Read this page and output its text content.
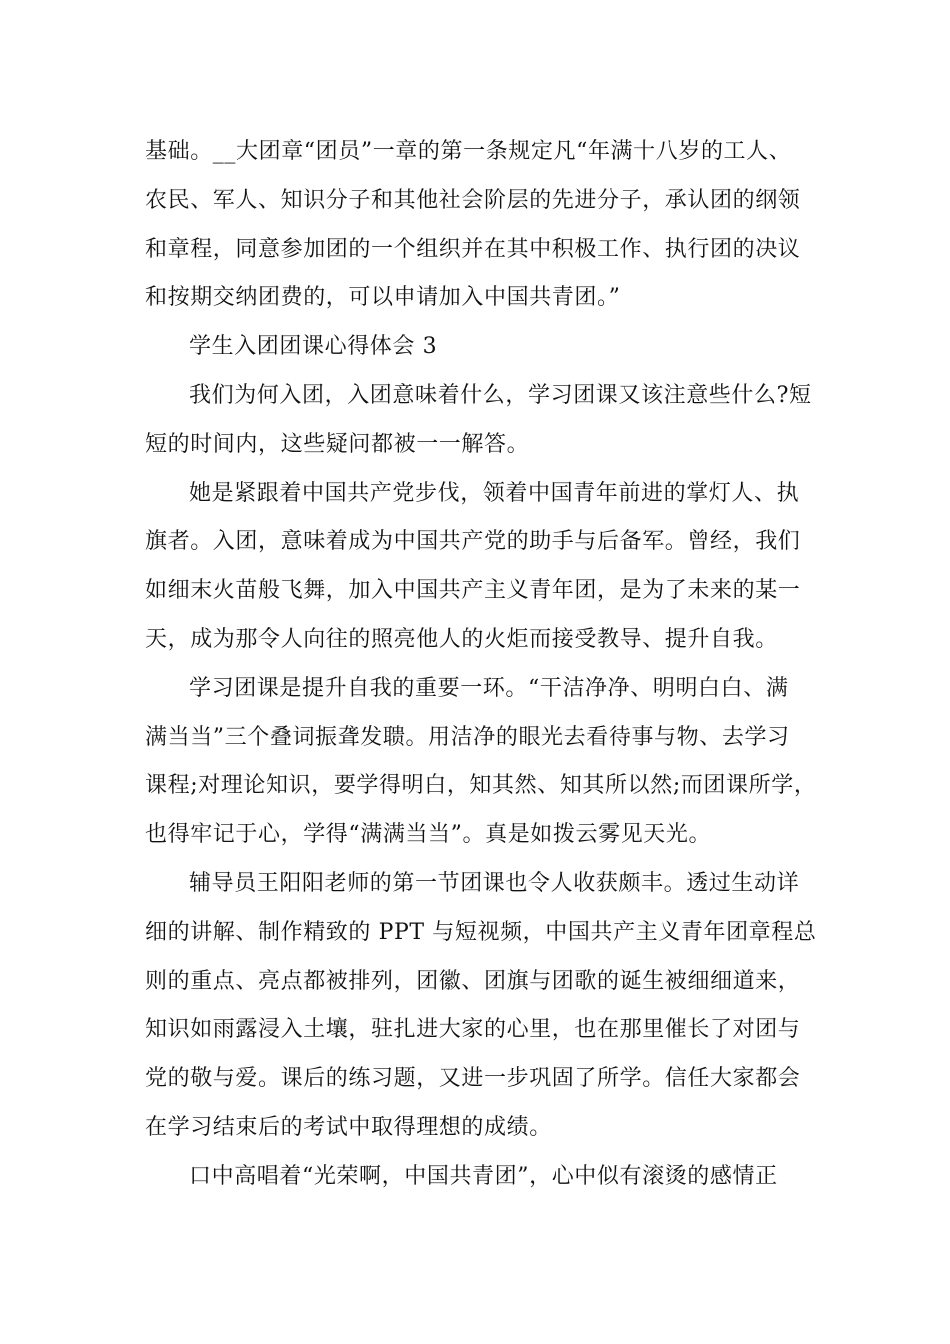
基础。__大团章“团员”一章的第一条规定凡“年满十八岁的工人、
农民、军人、知识分子和其他社会阶层的先进分子，承认团的纲领
和章程，同意参加团的一个组织并在其中积极工作、执行团的决议
和按期交纳团费的，可以申请加入中国共青团。”
学生入团团课心得体会 3
我们为何入团，入团意味着什么，学习团课又该注意些什么?短
短的时间内，这些疑问都被一一解答。
她是紧跟着中国共产党步伐，领着中国青年前进的掌灯人、执
旗者。入团，意味着成为中国共产党的助手与后备军。曾经，我们
如细末火苗般飞舞，加入中国共产主义青年团，是为了未来的某一
天，成为那令人向往的照亮他人的火炬而接受教导、提升自我。
学习团课是提升自我的重要一环。“干洁净净、明明白白、满
满当当”三个叠词振聋发聩。用洁净的眼光去看待事与物、去学习
课程;对理论知识，要学得明白，知其然、知其所以然;而团课所学，
也得牢记于心，学得“满满当当”。真是如拨云雾见天光。
辅导员王阳阳老师的第一节团课也令人收获颇丰。透过生动详
细的讲解、制作精致的 PPT 与短视频，中国共产主义青年团章程总
则的重点、亮点都被排列，团徽、团旗与团歌的诞生被细细道来，
知识如雨露浸入土壤，驻扎进大家的心里，也在那里催长了对团与
党的敬与爱。课后的练习题，又进一步巩固了所学。信任大家都会
在学习结束后的考试中取得理想的成绩。
口中高唱着“光荣啊，中国共青团”，心中似有滚烫的感情正
